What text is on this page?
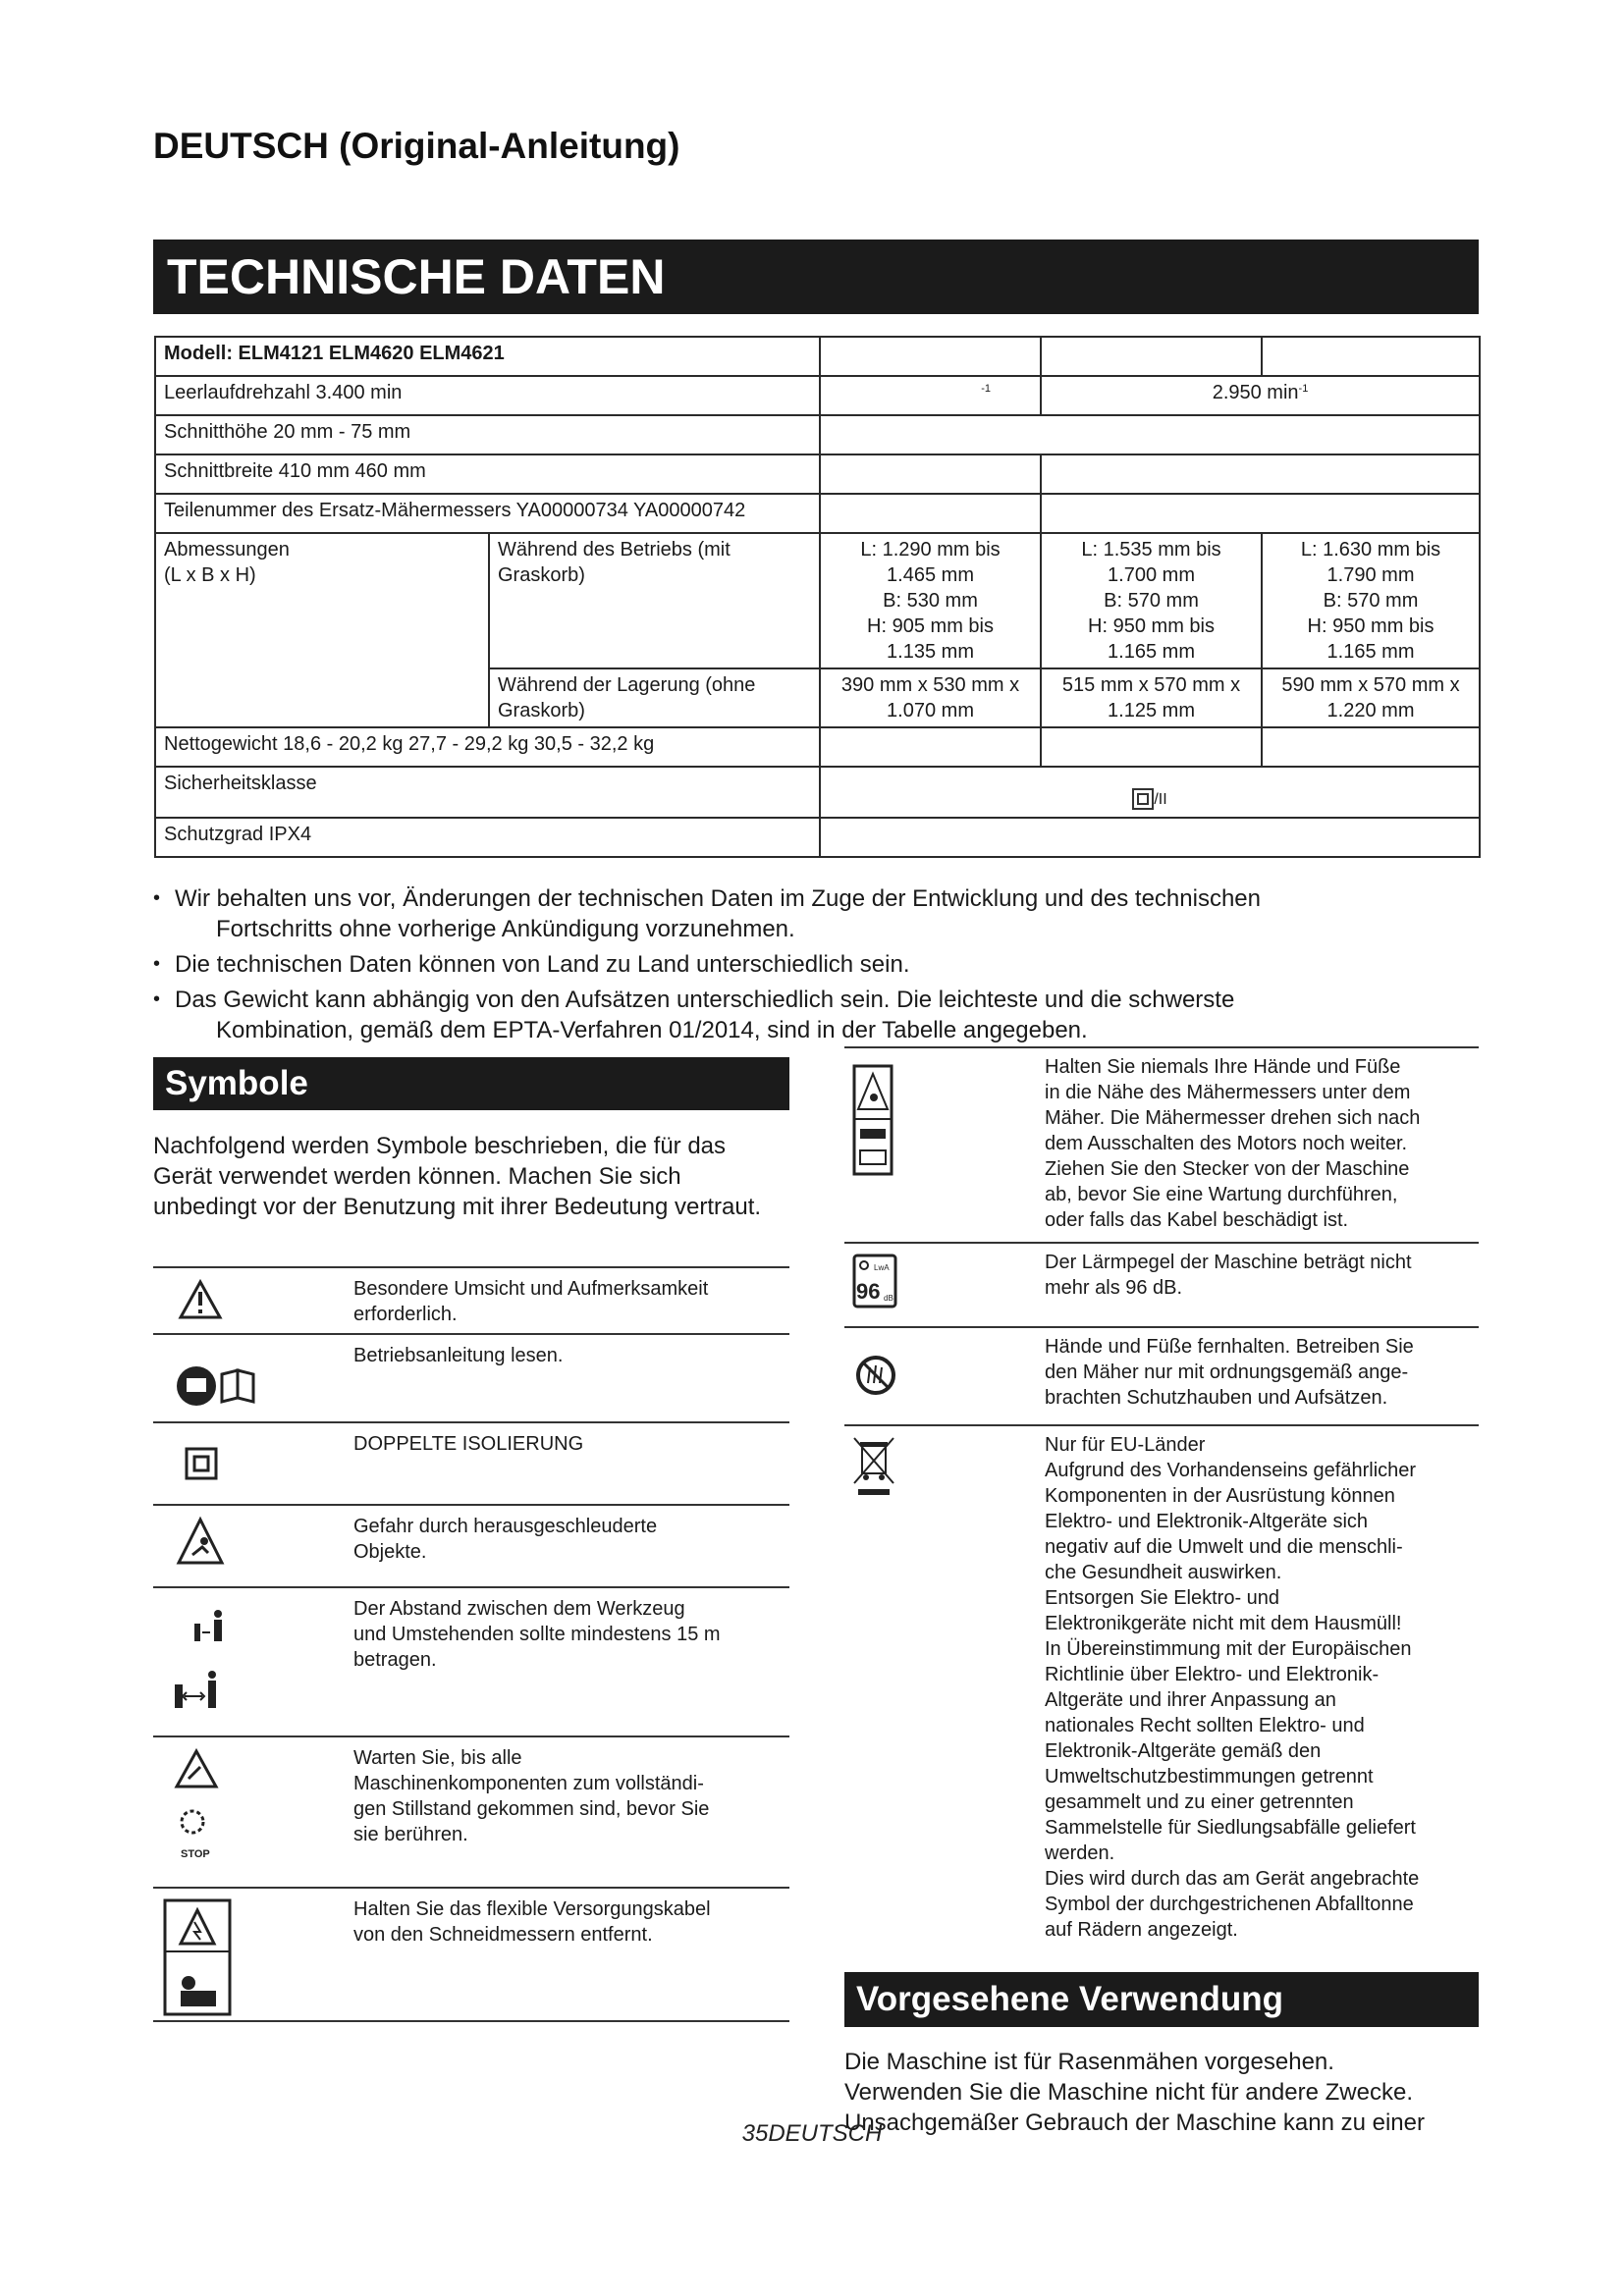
DEUTSCH (Original-Anleitung)
TECHNISCHE DATEN
Modell: ELM4121 ELM4620 ELM4621				
Leerlaufdrehzahl 3.400 min		$^{-1}$	2.950 $\min^{-1}$
Schnitthöhe 20 mm - 75 mm				
Schnittbreite 410 mm 460 mm				
Teilenummer des Ersatz-Mähermessers YA00000734 YA00000742				
Abmessungen
(L x B x H)	Während des Betriebs (mit Graskorb)	L: 1.290 mm bis
1.465 mm
B: 530 mm
H: 905 mm bis
1.135 mm	L: 1.535 mm bis
1.700 mm
B: 570 mm
H: 950 mm bis
1.165 mm	L: 1.630 mm bis
1.790 mm
B: 570 mm
H: 950 mm bis
1.165 mm
	Während der Lagerung (ohne Graskorb)	390 mm x 530 mm x
1.070 mm	515 mm x 570 mm x
1.125 mm	590 mm x 570 mm x
1.220 mm
Nettogewicht 18,6 - 20,2 kg 27,7 - 29,2 kg 30,5 - 32,2 kg				
Sicherheitsklasse		/II		
Schutzgrad IPX4				
• Wir behalten uns vor, Änderungen der technischen Daten im Zuge der Entwicklung und des technischen
Fortschritts ohne vorherige Ankündigung vorzunehmen.
• Die technischen Daten können von Land zu Land unterschiedlich sein.
• Das Gewicht kann abhängig von den Aufsätzen unterschiedlich sein. Die leichteste und die schwerste
Kombination, gemäß dem EPTA-Verfahren 01/2014, sind in der Tabelle angegeben.
Symbole
Nachfolgend werden Symbole beschrieben, die für das Gerät verwendet werden können. Machen Sie sich unbedingt vor der Benutzung mit ihrer Bedeutung vertraut.
Besondere Umsicht und Aufmerksamkeit
erforderlich.
Betriebsanleitung lesen.
DOPPELTE ISOLIERUNG
Gefahr durch herausgeschleuderte
Objekte.
Der Abstand zwischen dem Werkzeug
und Umstehenden sollte mindestens 15 m
betragen.
STOP
Warten Sie, bis alle
Maschinenkomponenten zum vollständi-
gen Stillstand gekommen sind, bevor Sie
sie berühren.
Halten Sie das flexible Versorgungskabel
von den Schneidmessern entfernt.
Halten Sie niemals Ihre Hände und Füße
in die Nähe des Mähermessers unter dem
Mäher. Die Mähermesser drehen sich nach
dem Ausschalten des Motors noch weiter.
Ziehen Sie den Stecker von der Maschine
ab, bevor Sie eine Wartung durchführen,
oder falls das Kabel beschädigt ist.
LwA
96 dB
Der Lärmpegel der Maschine beträgt nicht
mehr als 96 dB.
Hände und Füße fernhalten. Betreiben Sie
den Mäher nur mit ordnungsgemäß ange-
brachten Schutzhauben und Aufsätzen.
Nur für EU-Länder
Aufgrund des Vorhandenseins gefährlicher
Komponenten in der Ausrüstung können
Elektro- und Elektronik-Altgeräte sich
negativ auf die Umwelt und die menschli-
che Gesundheit auswirken.
Entsorgen Sie Elektro- und
Elektronikgeräte nicht mit dem Hausmüll!
In Übereinstimmung mit der Europäischen
Richtlinie über Elektro- und Elektronik-
Altgeräte und ihrer Anpassung an
nationales Recht sollten Elektro- und
Elektronik-Altgeräte gemäß den
Umweltschutzbestimmungen getrennt
gesammelt und zu einer getrennten
Sammelstelle für Siedlungsabfälle geliefert
werden.
Dies wird durch das am Gerät angebrachte
Symbol der durchgestrichenen Abfalltonne
auf Rädern angezeigt.
Vorgesehene Verwendung
Die Maschine ist für Rasenmähen vorgesehen.
Verwenden Sie die Maschine nicht für andere Zwecke.
Unsachgemäßer Gebrauch der Maschine kann zu einer
35DEUTSCH
